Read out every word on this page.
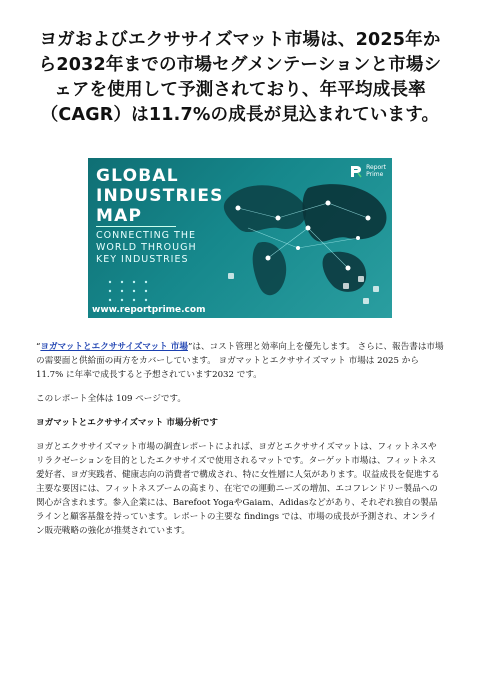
ヨガおよびエクササイズマット市場は、2025年から2032年までの市場セグメンテーションと市場シェアを使用して予測されており、年平均成長率（CAGR）は11.7%の成長が見込まれています。
GLOBAL
INDUSTRIES
MAP
CONNECTING THE
WORLD THROUGH
KEY INDUSTRIES
Report
Prime
www.reportprime.com

“ヨガマットとエクササイズマット 市場”は、コスト管理と効率向上を優先します。 さらに、報告書は市場の需要面と供給面の両方をカバーしています。 ヨガマットとエクササイズマット 市場は 2025 から 11.7% に年率で成長すると予想されています2032 です。

このレポート全体は 109 ページです。

ヨガマットとエクササイズマット 市場分析です

ヨガとエクササイズマット市場の調査レポートによれば、ヨガとエクササイズマットは、フィットネスやリラクゼーションを目的としたエクササイズで使用されるマットです。ターゲット市場は、フィットネス愛好者、ヨガ実践者、健康志向の消費者で構成され、特に女性層に人気があります。収益成長を促進する主要な要因には、フィットネスブームの高まり、在宅での運動ニーズの増加、エコフレンドリー製品への関心が含まれます。参入企業には、Barefoot YogaやGaiam、Adidasなどがあり、それぞれ独自の製品ラインと顧客基盤を持っています。レポートの主要な findings では、市場の成長が予測され、オンライン販売戦略の強化が推奨されています。
